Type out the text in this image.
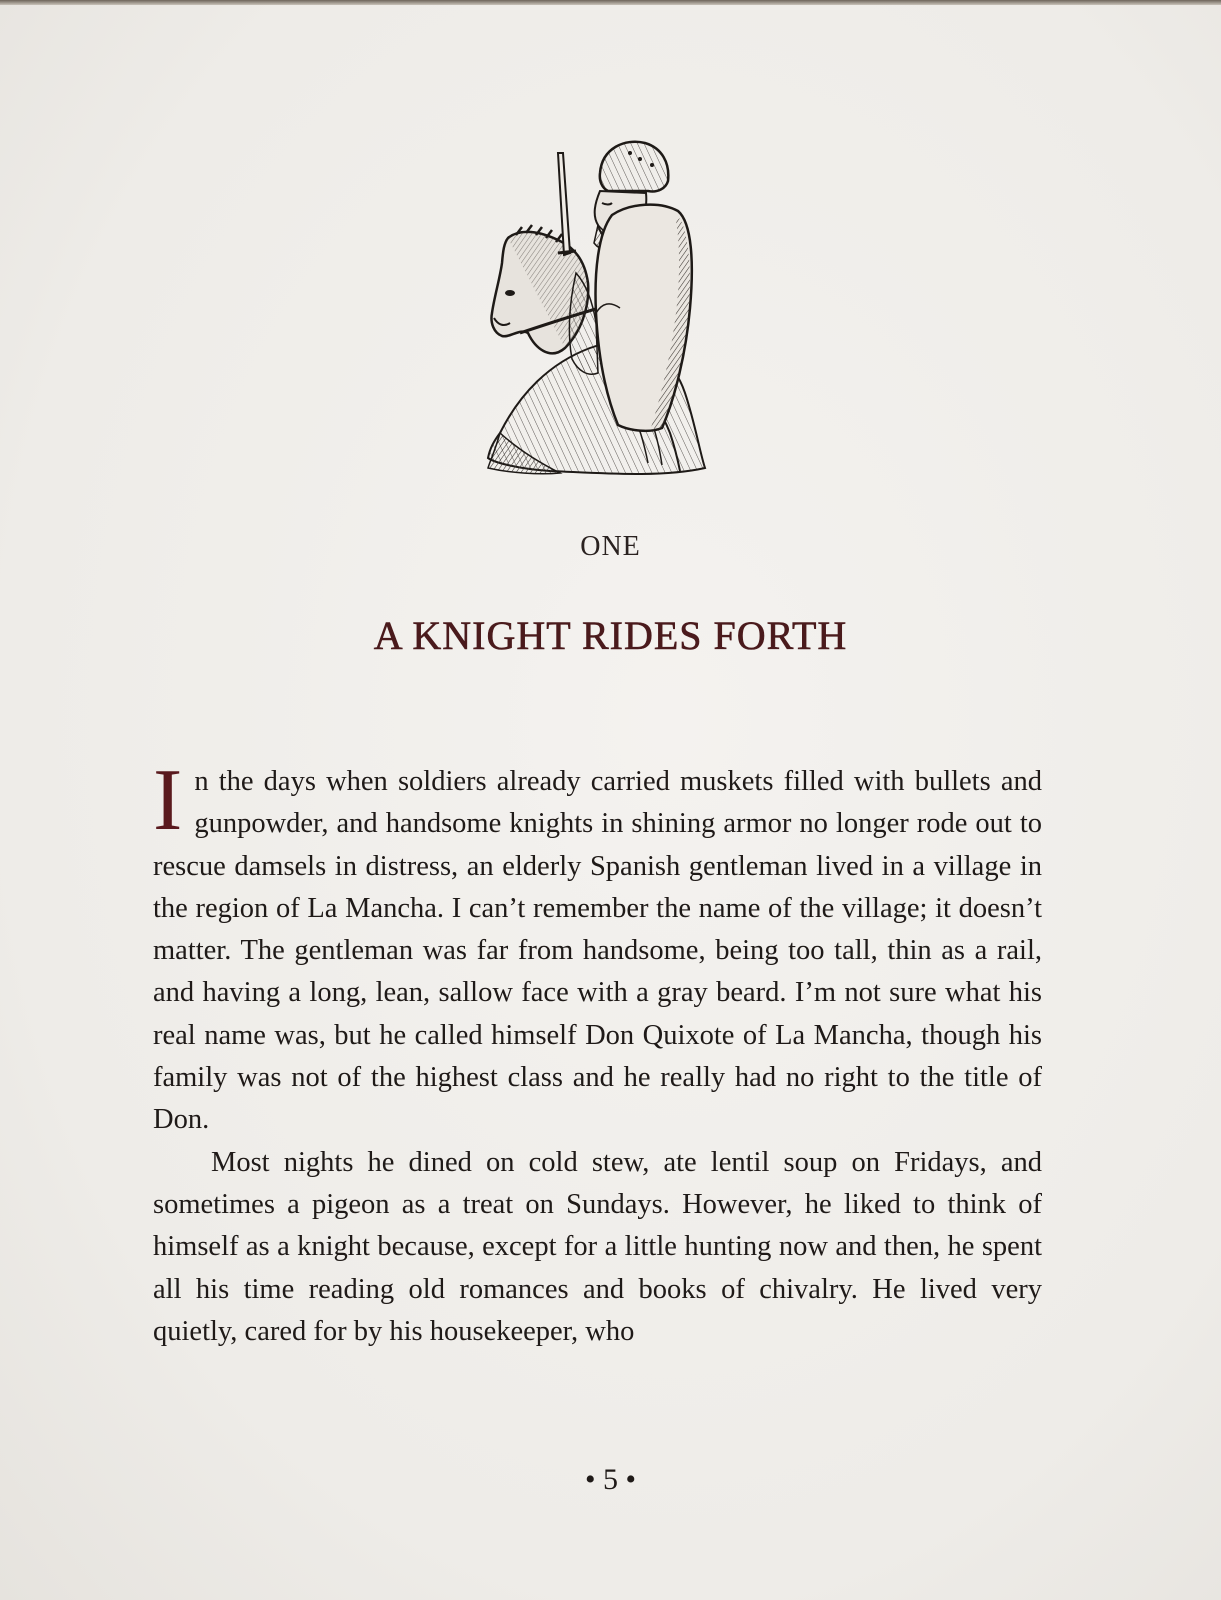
ONE
A KNIGHT RIDES FORTH

In the days when soldiers already carried muskets filled with bullets and gunpowder, and handsome knights in shining armor no longer rode out to rescue damsels in distress, an elderly Spanish gentleman lived in a village in the region of La Mancha. I can’t remember the name of the village; it doesn’t matter. The gentleman was far from handsome, being too tall, thin as a rail, and having a long, lean, sallow face with a gray beard. I’m not sure what his real name was, but he called himself Don Quixote of La Mancha, though his family was not of the highest class and he really had no right to the title of Don.

Most nights he dined on cold stew, ate lentil soup on Fridays, and sometimes a pigeon as a treat on Sundays. However, he liked to think of himself as a knight because, except for a little hunting now and then, he spent all his time reading old romances and books of chivalry. He lived very quietly, cared for by his housekeeper, who

• 5 •
